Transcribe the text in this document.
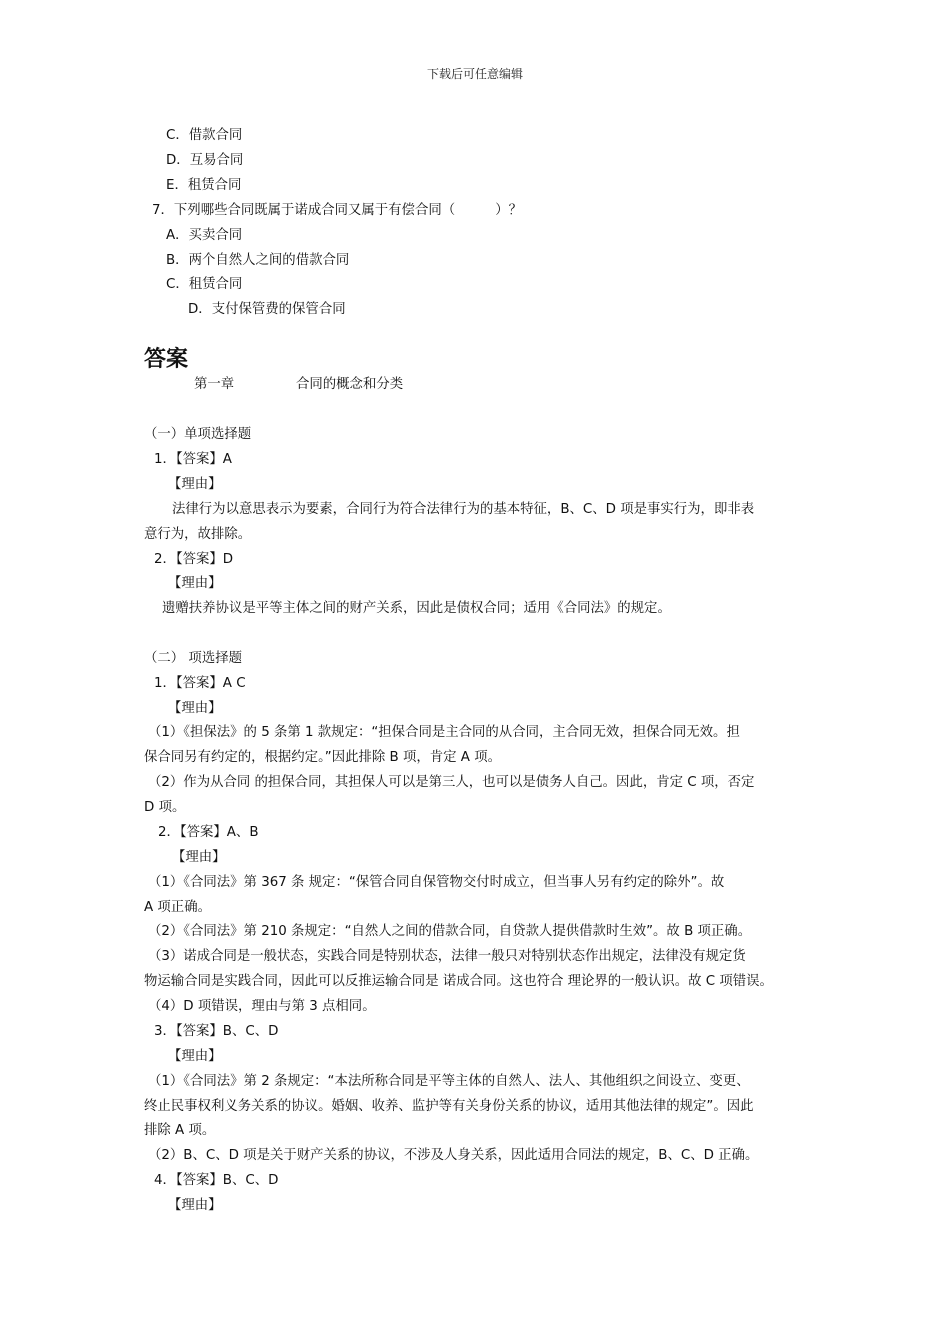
下载后可任意编辑
C．借款合同
D．互易合同
E．租赁合同
7．下列哪些合同既属于诺成合同又属于有偿合同（　　　）？
A．买卖合同
B．两个自然人之间的借款合同
C．租赁合同
D．支付保管费的保管合同
答案
第一章	合同的概念和分类
（一）单项选择题
1．【答案】A
【理由】
法律行为以意思表示为要素，合同行为符合法律行为的基本特征，B、C、D 项是事实行为，即非表
意行为，故排除。
2．【答案】D
【理由】
遗赠扶养协议是平等主体之间的财产关系，因此是债权合同；适用《合同法》的规定。
（二） 项选择题
1．【答案】A C
【理由】
（1）《担保法》的 5 条第 1 款规定：“担保合同是主合同的从合同，主合同无效，担保合同无效。担
保合同另有约定的，根据约定。”因此排除 B 项，肯定 A 项。
（2）作为从合同 的担保合同，其担保人可以是第三人，也可以是债务人自己。因此，肯定 C 项，否定
D 项。
2．【答案】A、B
【理由】
（1）《合同法》第 367 条 规定：“保管合同自保管物交付时成立，但当事人另有约定的除外”。故
A 项正确。
（2）《合同法》第 210 条规定：“自然人之间的借款合同，自贷款人提供借款时生效”。故 B 项正确。
（3）诺成合同是一般状态，实践合同是特别状态，法律一般只对特别状态作出规定，法律没有规定货
物运输合同是实践合同，因此可以反推运输合同是 诺成合同。这也符合 理论界的一般认识。故 C 项错误。
（4）D 项错误，理由与第 3 点相同。
3．【答案】B、C、D
【理由】
（1）《合同法》第 2 条规定：“本法所称合同是平等主体的自然人、法人、其他组织之间设立、变更、
终止民事权利义务关系的协议。婚姻、收养、监护等有关身份关系的协议，适用其他法律的规定”。因此
排除 A 项。
（2）B、C、D 项是关于财产关系的协议，不涉及人身关系，因此适用合同法的规定，B、C、D 正确。
4．【答案】B、C、D
【理由】
